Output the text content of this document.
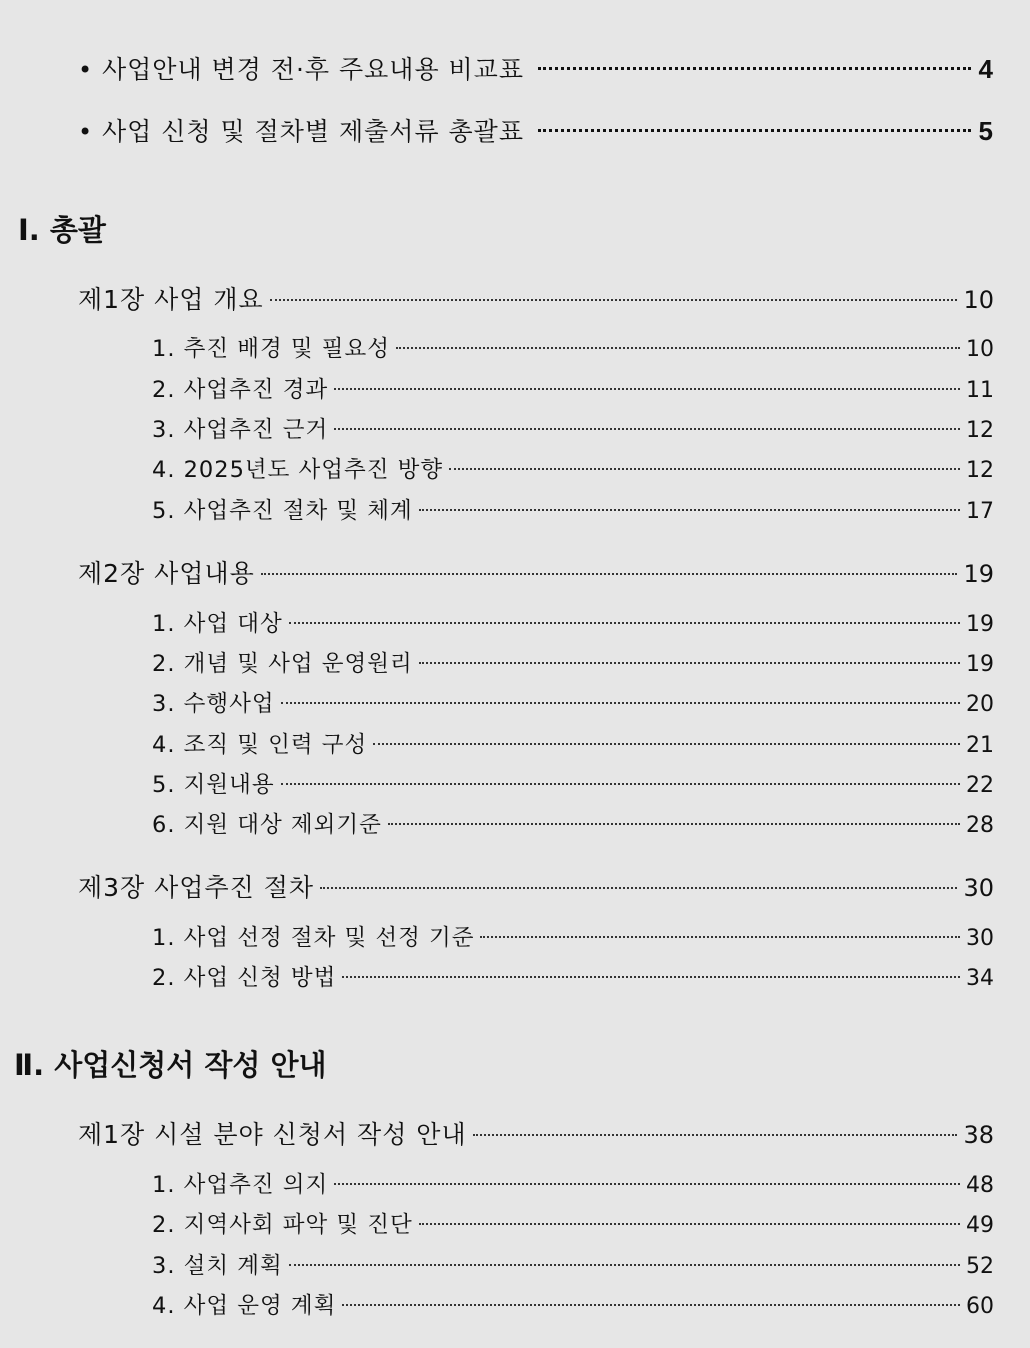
• 사업안내 변경 전·후 주요내용 비교표	4
• 사업 신청 및 절차별 제출서류 총괄표	5
Ⅰ. 총괄
제1장 사업 개요	10
1. 추진 배경 및 필요성	10
2. 사업추진 경과	11
3. 사업추진 근거	12
4. 2025년도 사업추진 방향	12
5. 사업추진 절차 및 체계	17
제2장 사업내용	19
1. 사업 대상	19
2. 개념 및 사업 운영원리	19
3. 수행사업	20
4. 조직 및 인력 구성	21
5. 지원내용	22
6. 지원 대상 제외기준	28
제3장 사업추진 절차	30
1. 사업 선정 절차 및 선정 기준	30
2. 사업 신청 방법	34
Ⅱ. 사업신청서 작성 안내
제1장 시설 분야 신청서 작성 안내	38
1. 사업추진 의지	48
2. 지역사회 파악 및 진단	49
3. 설치 계획	52
4. 사업 운영 계획	60
